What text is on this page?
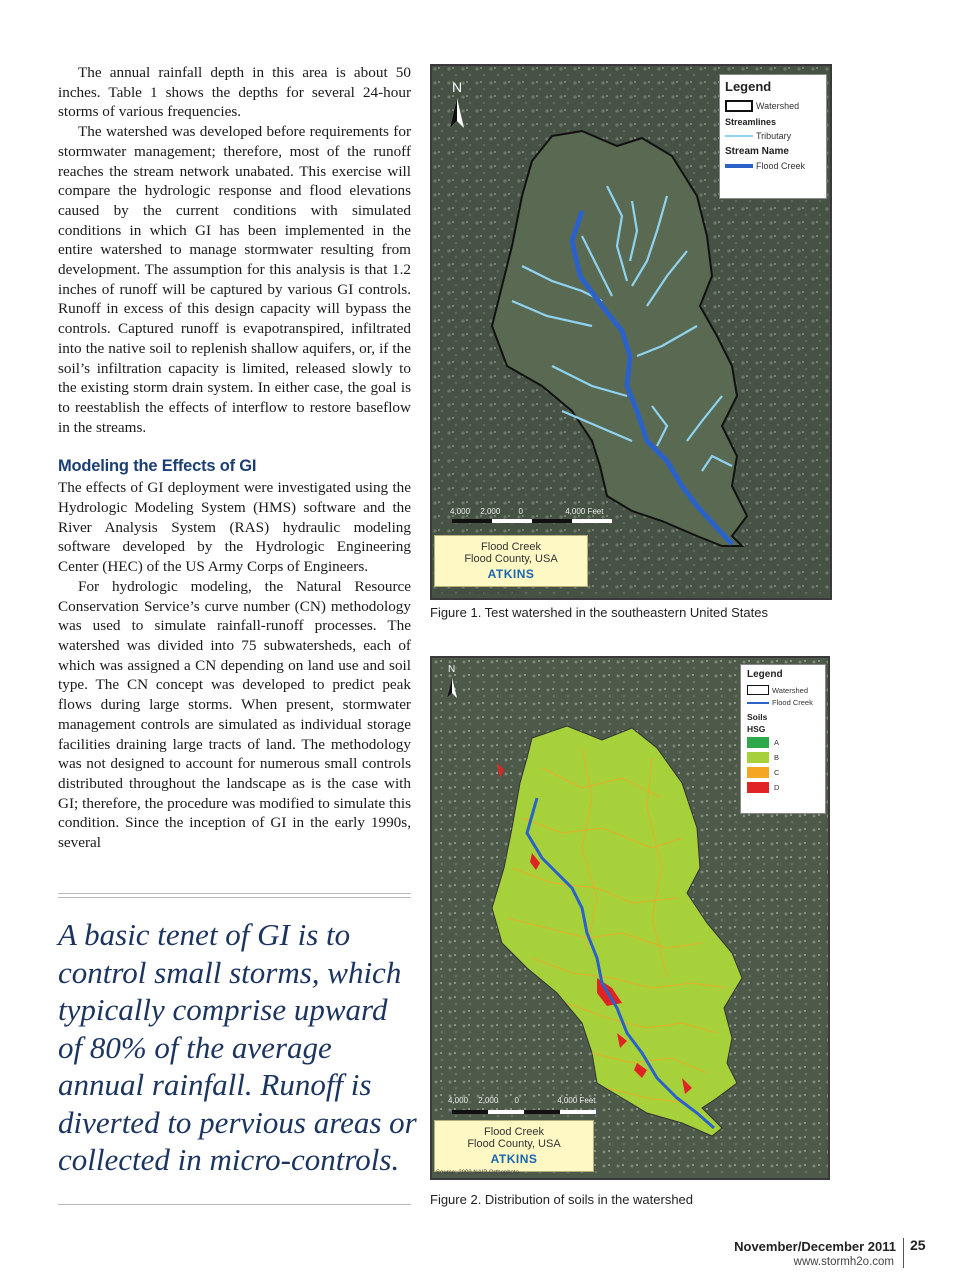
The annual rainfall depth in this area is about 50 inches. Table 1 shows the depths for several 24-hour storms of various frequencies.

The watershed was developed before requirements for stormwater management; therefore, most of the runoff reaches the stream network unabated. This exercise will compare the hydrologic response and flood elevations caused by the current conditions with simulated conditions in which GI has been implemented in the entire watershed to manage stormwater resulting from development. The assumption for this analysis is that 1.2 inches of runoff will be captured by various GI controls. Runoff in excess of this design capacity will bypass the controls. Captured runoff is evapotranspired, infiltrated into the native soil to replenish shallow aquifers, or, if the soil’s infiltration capacity is limited, released slowly to the existing storm drain system. In either case, the goal is to reestablish the effects of interflow to restore baseflow in the streams.

Modeling the Effects of GI

The effects of GI deployment were investigated using the Hydrologic Modeling System (HMS) software and the River Analysis System (RAS) hydraulic modeling software developed by the Hydrologic Engineering Center (HEC) of the US Army Corps of Engineers.

For hydrologic modeling, the Natural Resource Conservation Service’s curve number (CN) methodology was used to simulate rainfall-runoff processes. The watershed was divided into 75 subwatersheds, each of which was assigned a CN depending on land use and soil type. The CN concept was developed to predict peak flows during large storms. When present, stormwater management controls are simulated as individual storage facilities draining large tracts of land. The methodology was not designed to account for numerous small controls distributed throughout the landscape as is the case with GI; therefore, the procedure was modified to simulate this condition. Since the inception of GI in the early 1990s, several

A basic tenet of GI is to control small storms, which typically comprise upward of 80% of the average annual rainfall. Runoff is diverted to pervious areas or collected in micro-controls.

N
4,000 2,000 0	4,000 Feet
Legend
Watershed
Streamlines
Tributary
Stream Name
Flood Creek
Flood Creek
Flood County, USA
ATKINS
Source: 2009 NAIP Orthophoto
Figure 1. Test watershed in the southeastern United States
N
4,000 2,000 0	4,000 Feet
Legend
Watershed
Flood Creek
Soils
HSG
A
B
C
D
Flood Creek
Flood County, USA
ATKINS
Source: 2009 NAIP Orthophoto
Figure 2. Distribution of soils in the watershed
November/December 2011 25
www.stormh2o.com
